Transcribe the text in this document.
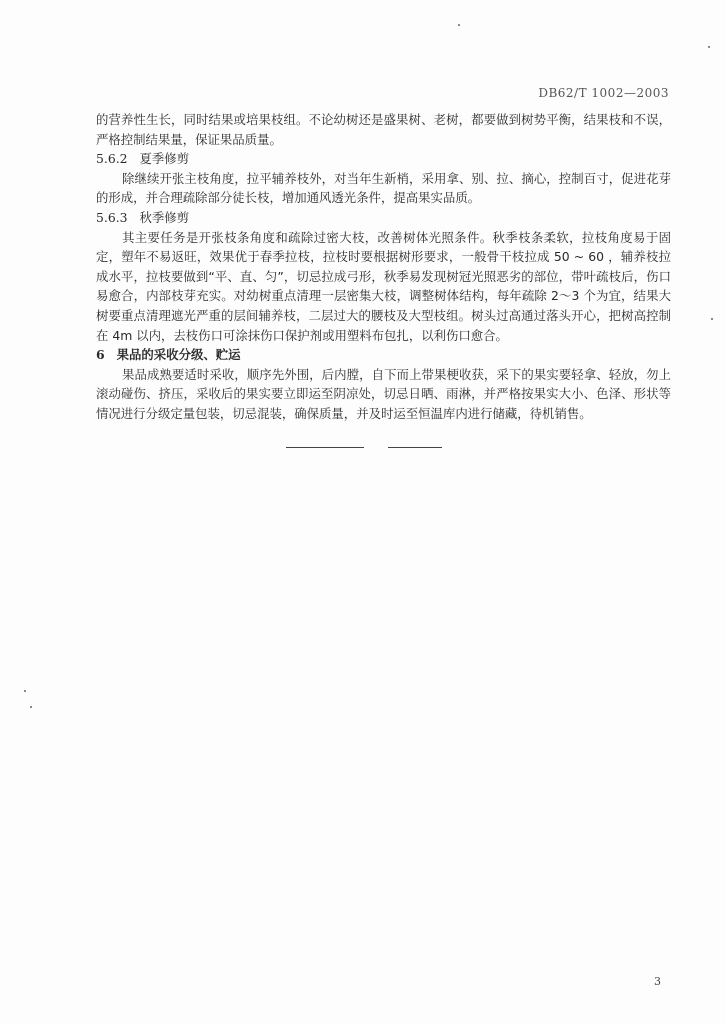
DB62/T 1002—2003

的营养性生长，同时结果或培果枝组。不论幼树还是盛果树、老树，都要做到树势平衡，结果枝和不误，严格控制结果量，保证果品质量。

5.6.2 夏季修剪

除继续开张主枝角度，拉平辅养枝外，对当年生新梢，采用拿、别、拉、摘心，控制百寸，促进花芽的形成，并合理疏除部分徒长枝，增加通风透光条件，提高果实品质。

5.6.3 秋季修剪

其主要任务是开张枝条角度和疏除过密大枝，改善树体光照条件。秋季枝条柔软，拉枝角度易于固定，塑年不易返旺，效果优于春季拉枝，拉枝时要根据树形要求，一般骨干枝拉成 50 ~ 60 ，辅养枝拉成水平，拉枝要做到“平、直、匀”，切忌拉成弓形，秋季易发现树冠光照恶劣的部位，带叶疏枝后，伤口易愈合，内部枝芽充实。对幼树重点清理一层密集大枝，调整树体结构，每年疏除 2～3 个为宜，结果大树要重点清理遮光严重的层间辅养枝，二层过大的腰枝及大型枝组。树头过高通过落头开心，把树高控制在 4m 以内，去枝伤口可涂抹伤口保护剂或用塑料布包扎，以利伤口愈合。

6 果品的采收分级、贮运

果品成熟要适时采收，顺序先外围，后内膛，自下而上带果梗收获，采下的果实要轻拿、轻放，勿上滚动碰伤、挤压，采收后的果实要立即运至阴凉处，切忌日晒、雨淋，并严格按果实大小、色泽、形状等情况进行分级定量包装，切忌混装，确保质量，并及时运至恒温库内进行储藏，待机销售。

3
